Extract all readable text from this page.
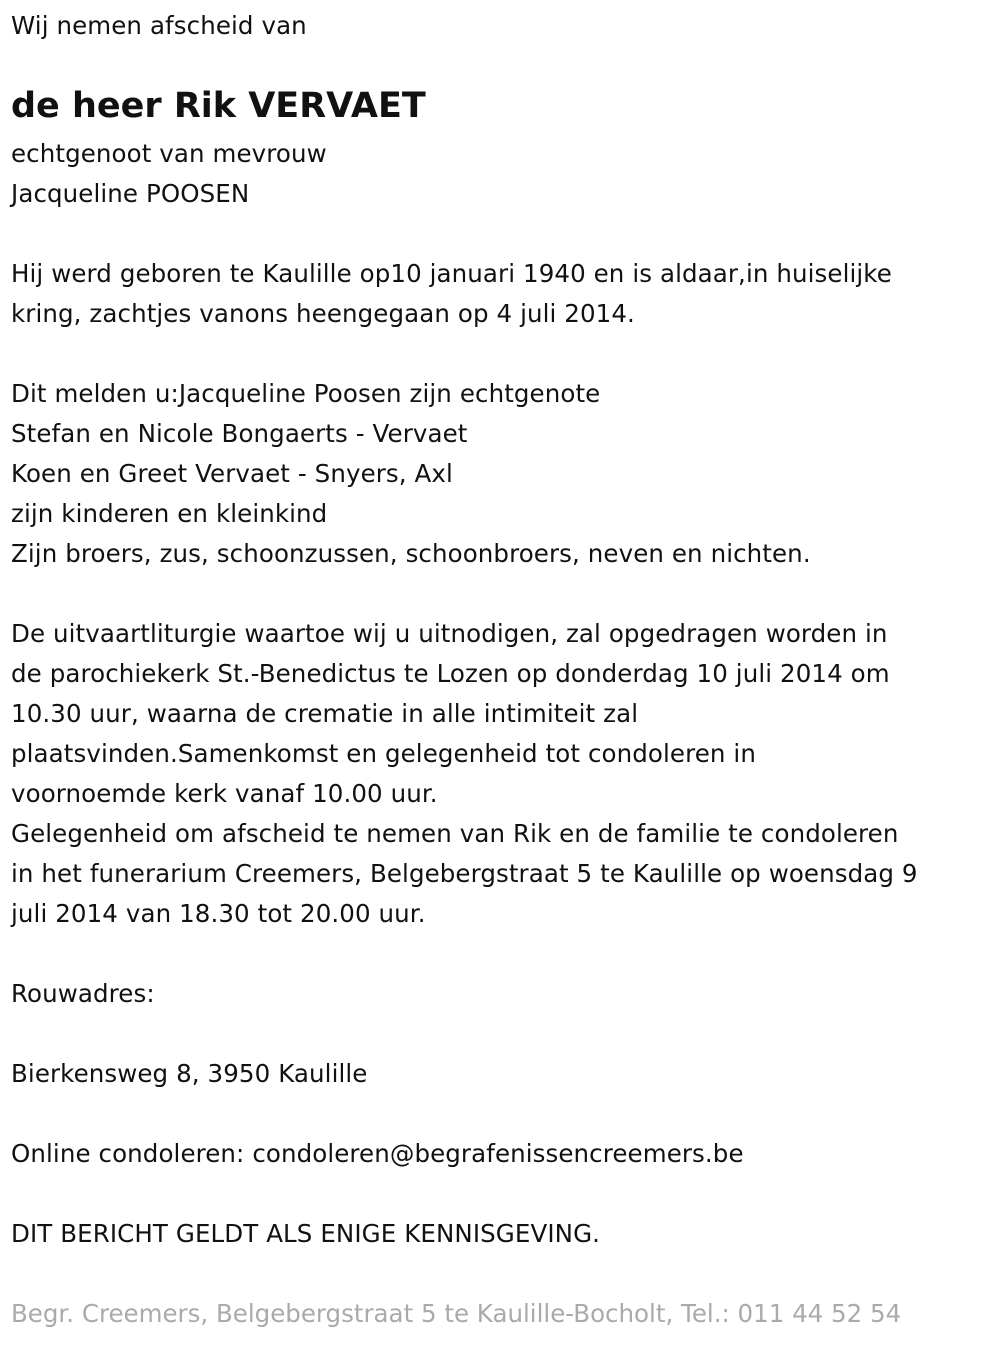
Wij nemen afscheid van
de heer Rik VERVAET
echtgenoot van mevrouw
Jacqueline POOSEN
Hij werd geboren te Kaulille op10 januari 1940 en is aldaar,in huiselijke
kring, zachtjes vanons heengegaan op 4 juli 2014.
Dit melden u:Jacqueline Poosen zijn echtgenote
Stefan en Nicole Bongaerts - Vervaet
Koen en Greet Vervaet - Snyers, Axl
zijn kinderen en kleinkind
Zijn broers, zus, schoonzussen, schoonbroers, neven en nichten.
De uitvaartliturgie waartoe wij u uitnodigen, zal opgedragen worden in
de parochiekerk St.-Benedictus te Lozen op donderdag 10 juli 2014 om
10.30 uur, waarna de crematie in alle intimiteit zal
plaatsvinden.Samenkomst en gelegenheid tot condoleren in
voornoemde kerk vanaf 10.00 uur.
Gelegenheid om afscheid te nemen van Rik en de familie te condoleren
in het funerarium Creemers, Belgebergstraat 5 te Kaulille op woensdag 9
juli 2014 van 18.30 tot 20.00 uur.
Rouwadres:
Bierkensweg 8, 3950 Kaulille
Online condoleren: condoleren@begrafenissencreemers.be
DIT BERICHT GELDT ALS ENIGE KENNISGEVING.
Begr. Creemers, Belgebergstraat 5 te Kaulille-Bocholt, Tel.: 011 44 52 54
